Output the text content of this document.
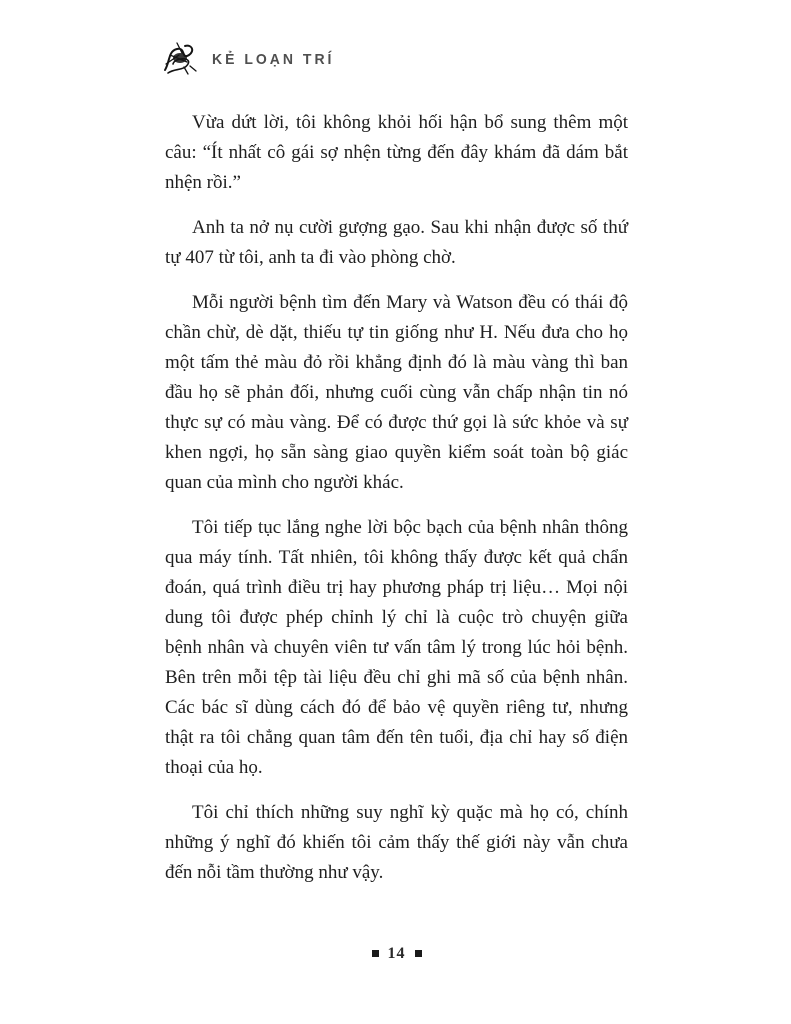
KẺ LOẠN TRÍ

Vừa dứt lời, tôi không khỏi hối hận bổ sung thêm một câu: “Ít nhất cô gái sợ nhện từng đến đây khám đã dám bắt nhện rồi.”

Anh ta nở nụ cười gượng gạo. Sau khi nhận được số thứ tự 407 từ tôi, anh ta đi vào phòng chờ.

Mỗi người bệnh tìm đến Mary và Watson đều có thái độ chần chừ, dè dặt, thiếu tự tin giống như H. Nếu đưa cho họ một tấm thẻ màu đỏ rồi khẳng định đó là màu vàng thì ban đầu họ sẽ phản đối, nhưng cuối cùng vẫn chấp nhận tin nó thực sự có màu vàng. Để có được thứ gọi là sức khỏe và sự khen ngợi, họ sẵn sàng giao quyền kiểm soát toàn bộ giác quan của mình cho người khác.

Tôi tiếp tục lắng nghe lời bộc bạch của bệnh nhân thông qua máy tính. Tất nhiên, tôi không thấy được kết quả chẩn đoán, quá trình điều trị hay phương pháp trị liệu… Mọi nội dung tôi được phép chỉnh lý chỉ là cuộc trò chuyện giữa bệnh nhân và chuyên viên tư vấn tâm lý trong lúc hỏi bệnh. Bên trên mỗi tệp tài liệu đều chỉ ghi mã số của bệnh nhân. Các bác sĩ dùng cách đó để bảo vệ quyền riêng tư, nhưng thật ra tôi chẳng quan tâm đến tên tuổi, địa chỉ hay số điện thoại của họ.

Tôi chỉ thích những suy nghĩ kỳ quặc mà họ có, chính những ý nghĩ đó khiến tôi cảm thấy thế giới này vẫn chưa đến nỗi tầm thường như vậy.

14
